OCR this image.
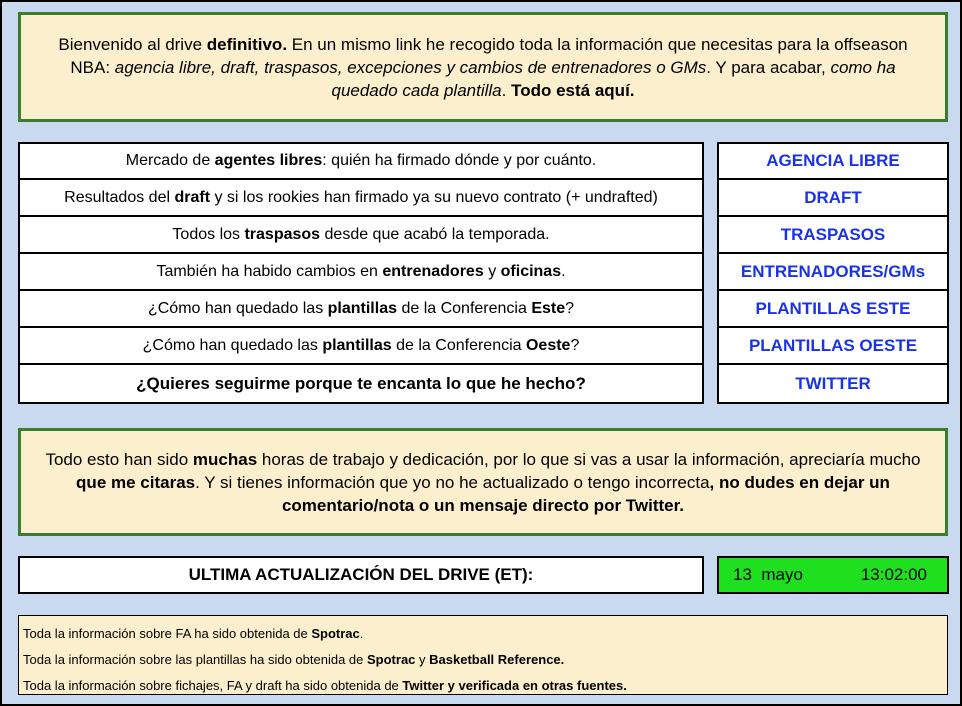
Bienvenido al drive definitivo. En un mismo link he recogido toda la información que necesitas para la offseason NBA: agencia libre, draft, traspasos, excepciones y cambios de entrenadores o GMs. Y para acabar, como ha quedado cada plantilla. Todo está aquí.
Mercado de agentes libres : quién ha firmado dónde y por cuánto.
Resultados del draft y si los rookies han firmado ya su nuevo contrato (+ undrafted)
Todos los traspasos desde que acabó la temporada.
También ha habido cambios en entrenadores y oficinas .
¿Cómo han quedado las plantillas de la Conferencia Este ?
¿Cómo han quedado las plantillas de la Conferencia Oeste ?
¿Quieres seguirme porque te encanta lo que he hecho?
AGENCIA LIBRE
DRAFT
TRASPASOS
ENTRENADORES/GMs
PLANTILLAS ESTE
PLANTILLAS OESTE
TWITTER
Todo esto han sido muchas horas de trabajo y dedicación, por lo que si vas a usar la información, apreciaría mucho que me citaras. Y si tienes información que yo no he actualizado o tengo incorrecta, no dudes en dejar un comentario/nota o un mensaje directo por Twitter.
ULTIMA ACTUALIZACIÓN DEL DRIVE (ET):	13  mayo	13:02:00
Toda la información sobre FA ha sido obtenida de Spotrac.
Toda la información sobre las plantillas ha sido obtenida de Spotrac y Basketball Reference.
Toda la información sobre fichajes, FA y draft ha sido obtenida de Twitter y verificada en otras fuentes.
